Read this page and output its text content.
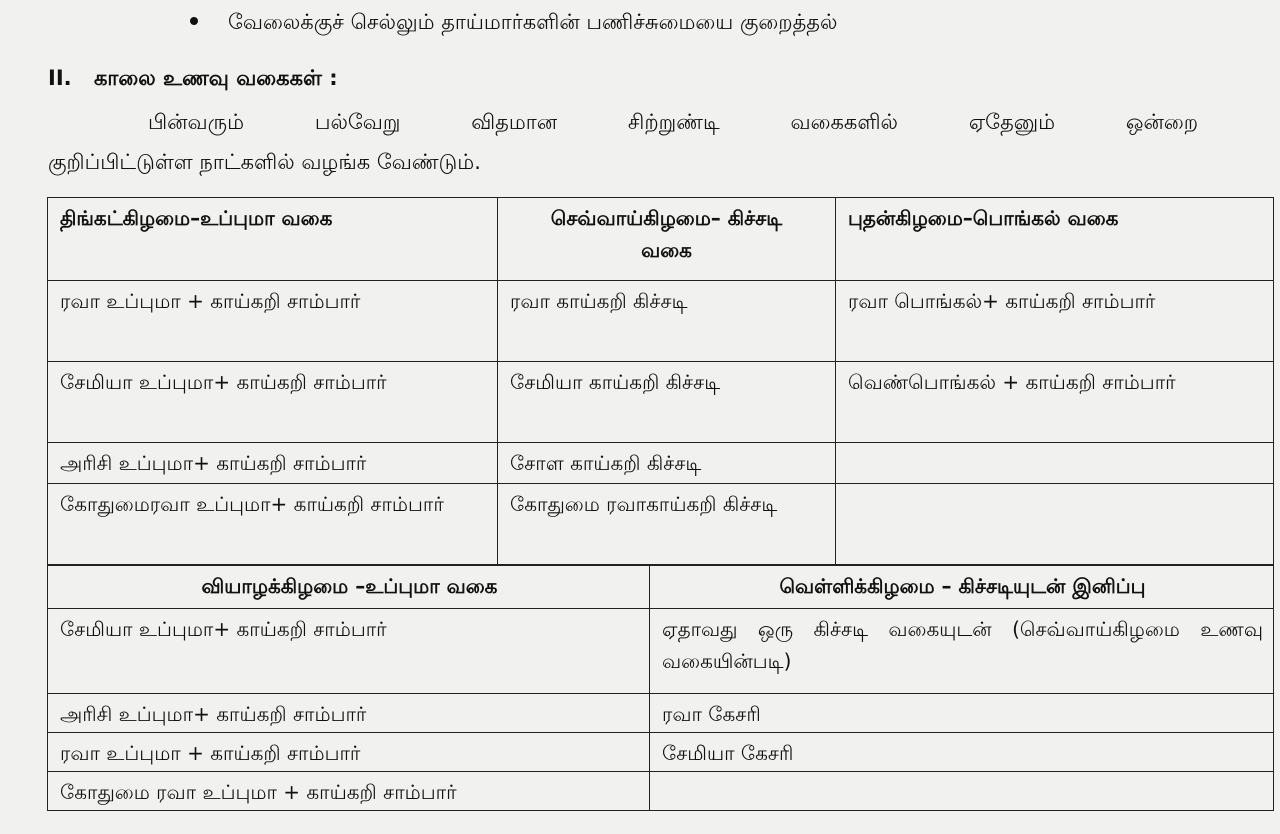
வேலைக்குச் செல்லும் தாய்மார்களின் பணிச்சுமையை குறைத்தல்
II. காலை உணவு வகைகள் :
பின்வரும் பல்வேறு விதமான சிற்றுண்டி வகைகளில் ஏதேனும் ஒன்றை
குறிப்பிட்டுள்ள நாட்களில் வழங்க வேண்டும்.
திங்கட்கிழமை–உப்புமா வகை	செவ்வாய்கிழமை– கிச்சடி வகை	புதன்கிழமை–பொங்கல் வகை
ரவா உப்புமா + காய்கறி சாம்பார்	ரவா காய்கறி கிச்சடி	ரவா பொங்கல்+ காய்கறி சாம்பார்
சேமியா உப்புமா+ காய்கறி சாம்பார்	சேமியா காய்கறி கிச்சடி	வெண்பொங்கல் + காய்கறி சாம்பார்
அரிசி உப்புமா+ காய்கறி சாம்பார்	சோள காய்கறி கிச்சடி	
கோதுமைரவா உப்புமா+ காய்கறி சாம்பார்	கோதுமை ரவாகாய்கறி கிச்சடி	
வியாழக்கிழமை –உப்புமா வகை	வெள்ளிக்கிழமை – கிச்சடியுடன் இனிப்பு
சேமியா உப்புமா+ காய்கறி சாம்பார்	ஏதாவது ஒரு கிச்சடி வகையுடன் (செவ்வாய்கிழமை உணவு வகையின்படி)
அரிசி உப்புமா+ காய்கறி சாம்பார்	ரவா கேசரி
ரவா உப்புமா + காய்கறி சாம்பார்	சேமியா கேசரி
கோதுமை ரவா உப்புமா + காய்கறி சாம்பார்	
